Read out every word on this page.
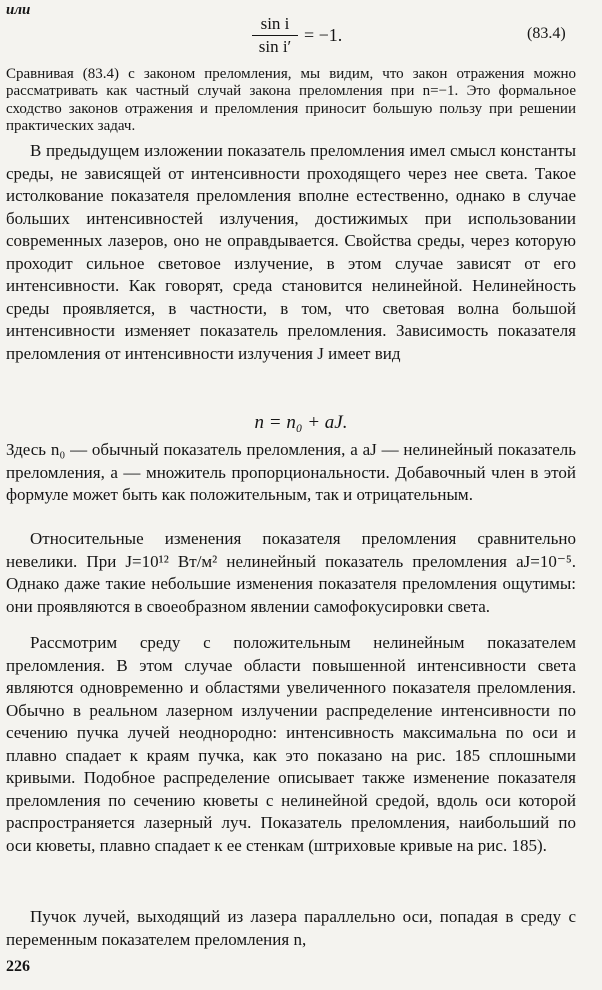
или
sin i
sin i′
= −1.	(83.4)
Сравнивая (83.4) с законом преломления, мы видим, что закон отражения можно рассматривать как частный случай закона преломления при n=−1. Это формальное сходство законов отражения и преломления приносит большую пользу при решении практических задач.
В предыдущем изложении показатель преломления имел смысл константы среды, не зависящей от интенсивности проходящего через нее света. Такое истолкование показателя преломления вполне естественно, однако в случае больших интенсивностей излучения, достижимых при использовании современных лазеров, оно не оправдывается. Свойства среды, через которую проходит сильное световое излучение, в этом случае зависят от его интенсивности. Как говорят, среда становится нелинейной. Нелинейность среды проявляется, в частности, в том, что световая волна большой интенсивности изменяет показатель преломления. Зависимость показателя преломления от интенсивности излучения J имеет вид
n = n₀ + aJ.
Здесь n₀ — обычный показатель преломления, а aJ — нелинейный показатель преломления, a — множитель пропорциональности. Добавочный член в этой формуле может быть как положительным, так и отрицательным.
Относительные изменения показателя преломления сравнительно невелики. При J=10¹² Вт/м² нелинейный показатель преломления aJ=10⁻⁵. Однако даже такие небольшие изменения показателя преломления ощутимы: они проявляются в своеобразном явлении самофокусировки света.
Рассмотрим среду с положительным нелинейным показателем преломления. В этом случае области повышенной интенсивности света являются одновременно и областями увеличенного показателя преломления. Обычно в реальном лазерном излучении распределение интенсивности по сечению пучка лучей неоднородно: интенсивность максимальна по оси и плавно спадает к краям пучка, как это показано на рис. 185 сплошными кривыми. Подобное распределение описывает также изменение показателя преломления по сечению кюветы с нелинейной средой, вдоль оси которой распространяется лазерный луч. Показатель преломления, наибольший по оси кюветы, плавно спадает к ее стенкам (штриховые кривые на рис. 185).
Пучок лучей, выходящий из лазера параллельно оси, попадая в среду с переменным показателем преломления n,
226
